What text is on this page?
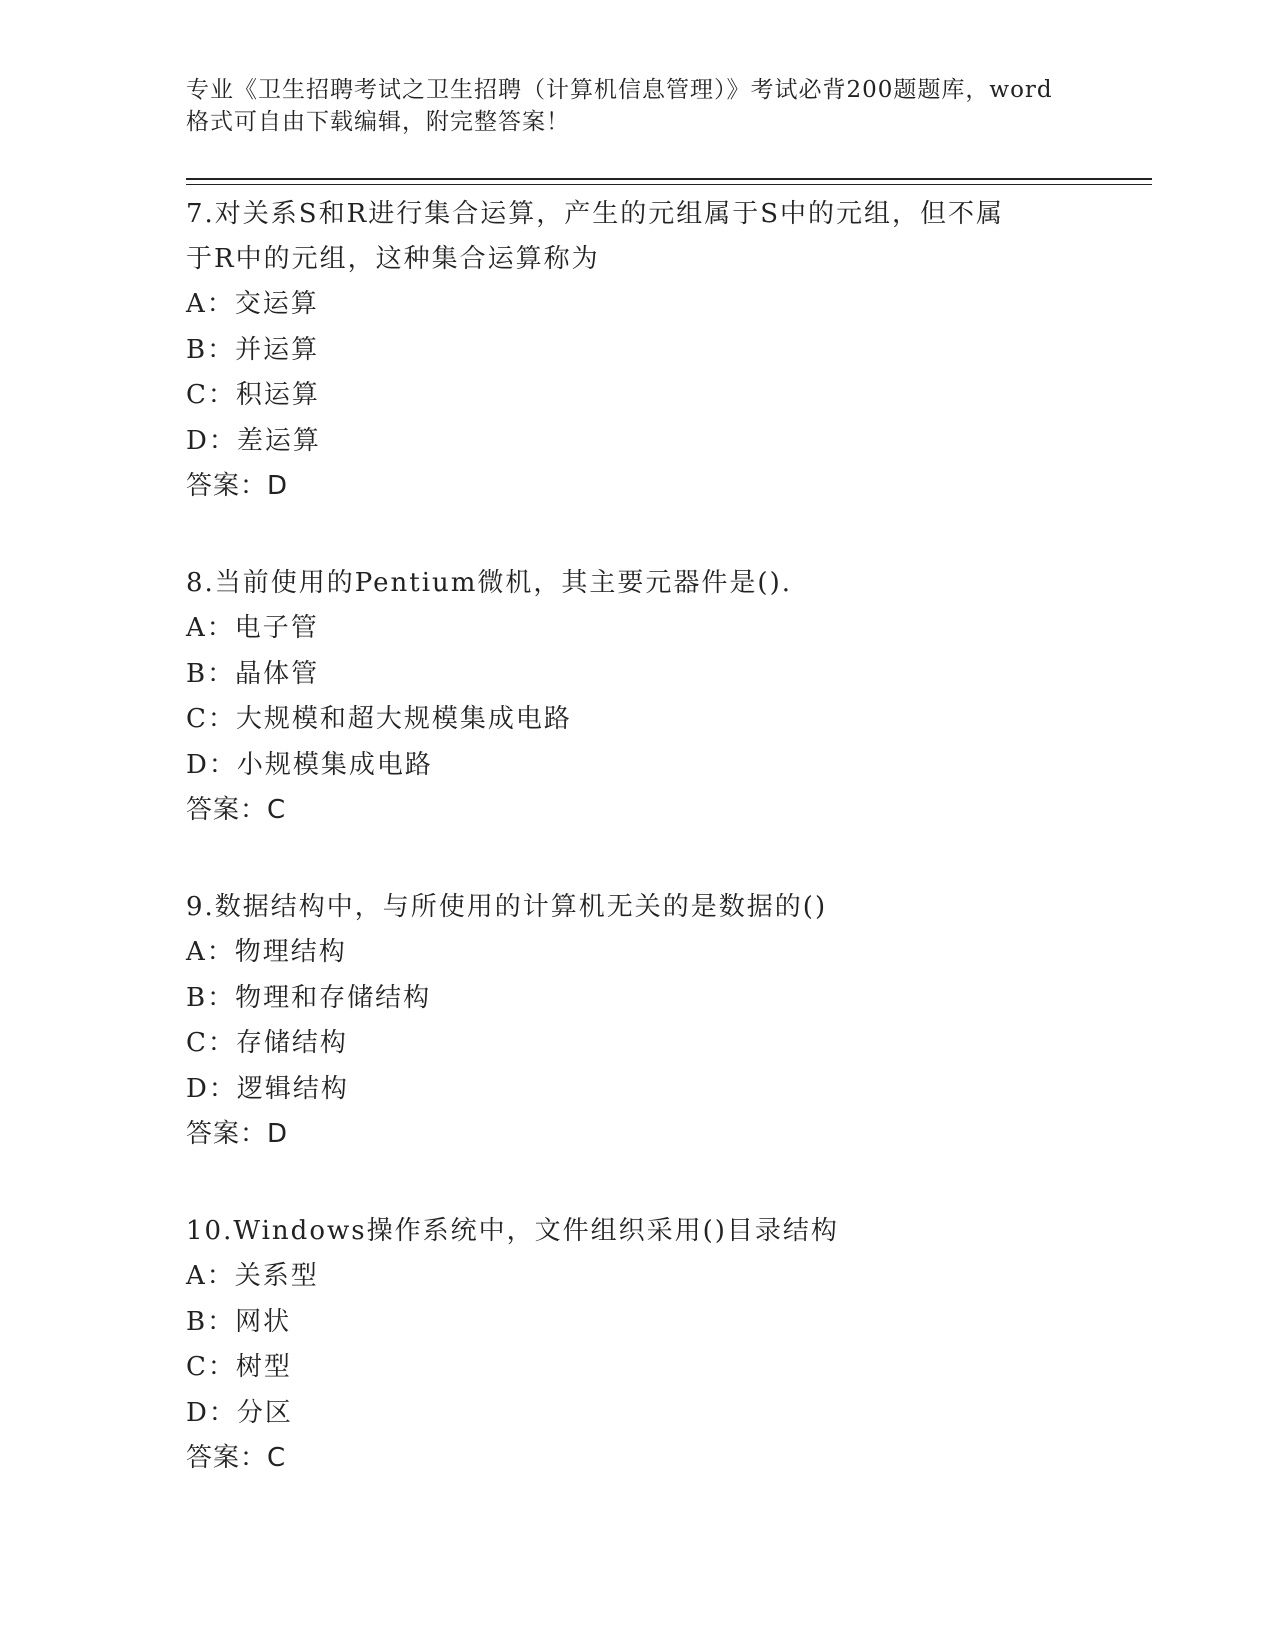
专业《卫生招聘考试之卫生招聘（计算机信息管理）》考试必背200题题库，word
格式可自由下载编辑，附完整答案！
7.对关系S和R进行集合运算，产生的元组属于S中的元组，但不属
于R中的元组，这种集合运算称为
A：交运算
B：并运算
C：积运算
D：差运算
答案：D
8.当前使用的Pentium微机，其主要元器件是().
A：电子管
B：晶体管
C：大规模和超大规模集成电路
D：小规模集成电路
答案：C
9.数据结构中，与所使用的计算机无关的是数据的()
A：物理结构
B：物理和存储结构
C：存储结构
D：逻辑结构
答案：D
10.Windows操作系统中，文件组织采用()目录结构
A：关系型
B：网状
C：树型
D：分区
答案：C
